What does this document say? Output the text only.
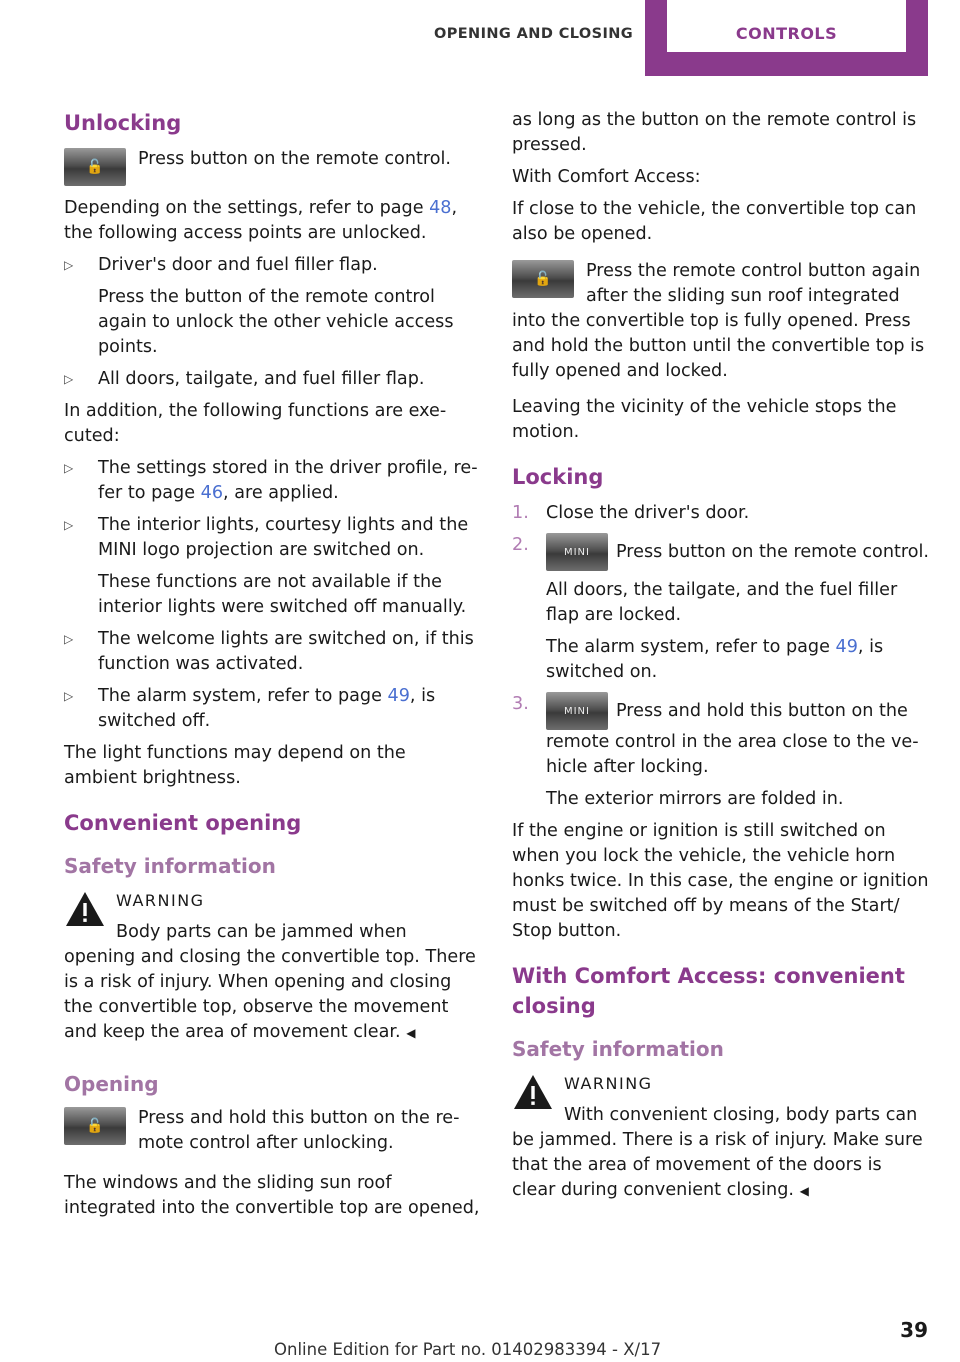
OPENING AND CLOSING	CONTROLS
Unlocking
🔓	Press button on the remote control.

Depending on the settings, refer to page 48, the following access points are unlocked.

▷ Driver's door and fuel filler flap.

Press the button of the remote control again to unlock the other vehicle access points.

▷ All doors, tailgate, and fuel filler flap.

In addition, the following functions are executed:

▷ The settings stored in the driver profile, refer to page 46, are applied.
▷ The interior lights, courtesy lights and the MINI logo projection are switched on.

These functions are not available if the interior lights were switched off manually.

▷ The welcome lights are switched on, if this function was activated.
▷ The alarm system, refer to page 49, is switched off.

The light functions may depend on the ambient brightness.

Convenient opening
Safety information

WARNING

Body parts can be jammed when opening and closing the convertible top. There is a risk of injury. When opening and closing the convertible top, observe the movement and keep the area of movement clear. ◀

Opening
🔓	Press and hold this button on the remote control after unlocking.

The windows and the sliding sun roof integrated into the convertible top are opened,

as long as the button on the remote control is pressed.

With Comfort Access:

If close to the vehicle, the convertible top can also be opened.

🔓	Press the remote control button again after the sliding sun roof integrated into the convertible top is fully opened. Press and hold the button until the convertible top is fully opened and locked.

Leaving the vicinity of the vehicle stops the motion.

Locking
1. Close the driver's door.
2.	MINI Press button on the remote control.

All doors, the tailgate, and the fuel filler flap are locked.

The alarm system, refer to page 49, is switched on.

3.	MINI Press and hold this button on the remote control in the area close to the vehicle after locking.

The exterior mirrors are folded in.

If the engine or ignition is still switched on when you lock the vehicle, the vehicle horn honks twice. In this case, the engine or ignition must be switched off by means of the Start/ Stop button.

With Comfort Access: convenient closing
Safety information

WARNING

With convenient closing, body parts can be jammed. There is a risk of injury. Make sure that the area of movement of the doors is clear during convenient closing. ◀

39
Online Edition for Part no. 01402983394 - X/17
